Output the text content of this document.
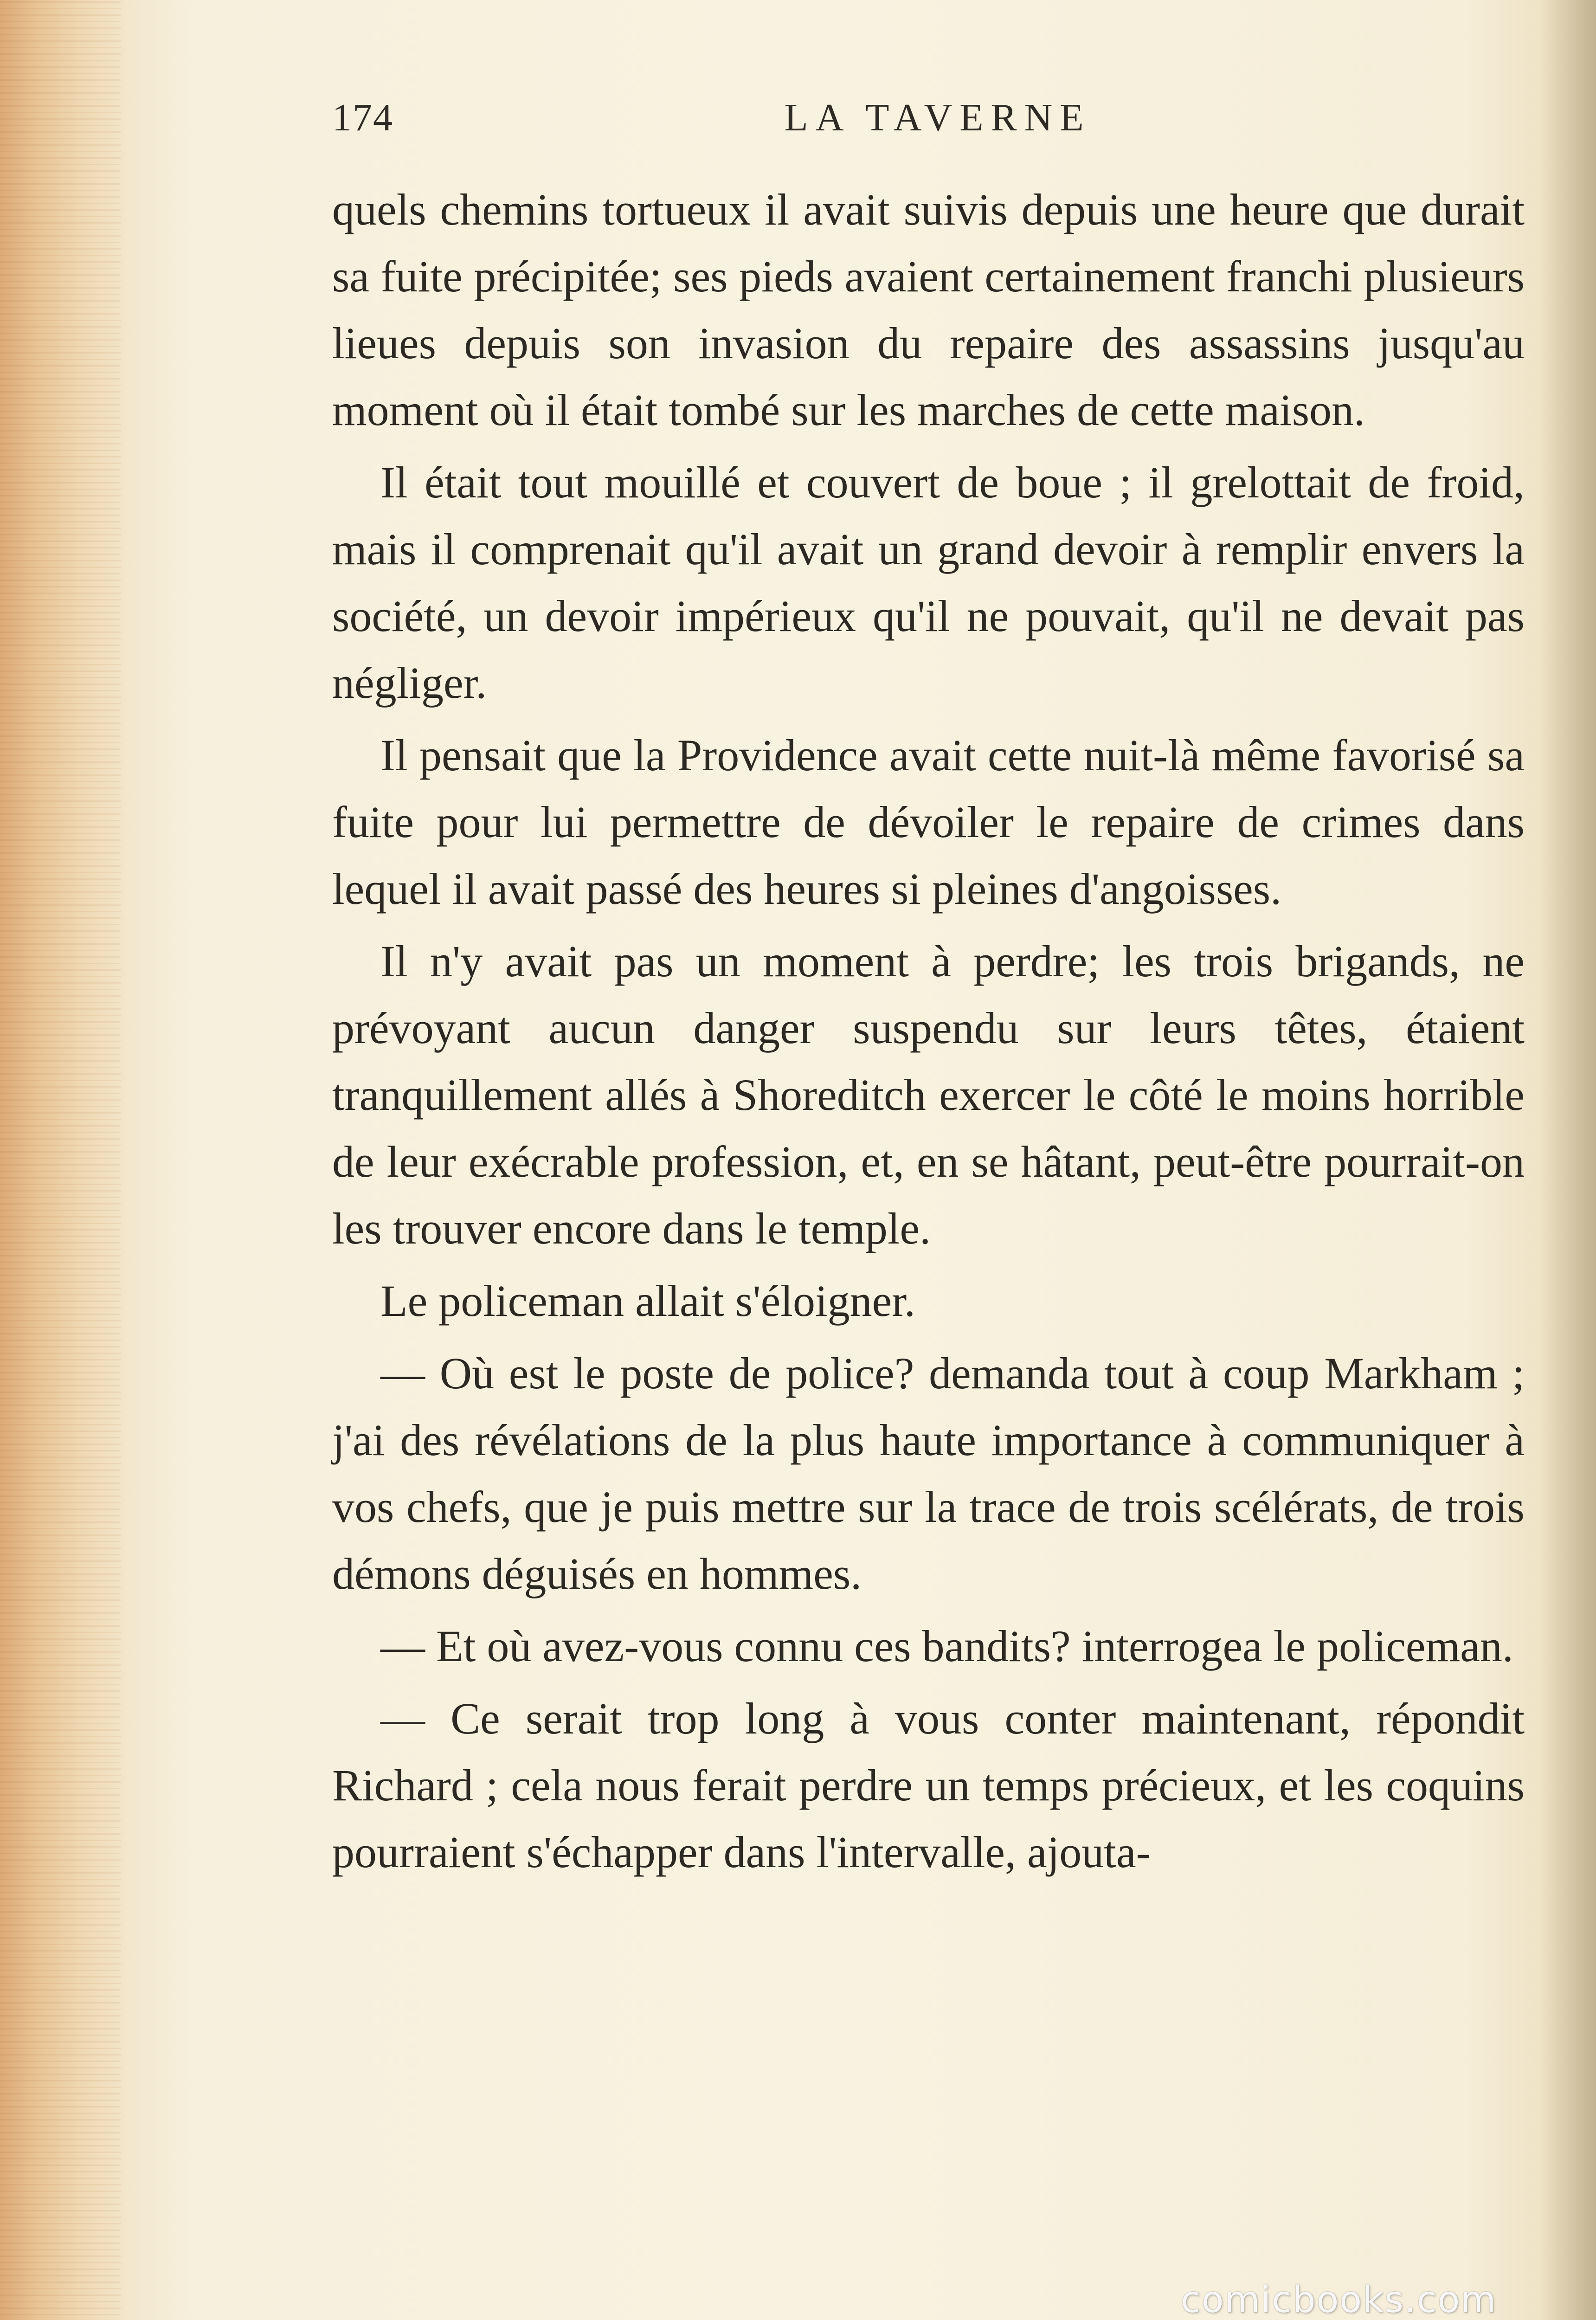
174	LA TAVERNE

quels chemins tortueux il avait suivis depuis une heure que durait sa fuite précipitée; ses pieds avaient certainement franchi plusieurs lieues depuis son invasion du repaire des assassins jusqu'au moment où il était tombé sur les marches de cette maison.

Il était tout mouillé et couvert de boue ; il grelottait de froid, mais il comprenait qu'il avait un grand devoir à remplir envers la société, un devoir impérieux qu'il ne pouvait, qu'il ne devait pas négliger.

Il pensait que la Providence avait cette nuit-là même favorisé sa fuite pour lui permettre de dévoiler le repaire de crimes dans lequel il avait passé des heures si pleines d'angoisses.

Il n'y avait pas un moment à perdre; les trois brigands, ne prévoyant aucun danger suspendu sur leurs têtes, étaient tranquillement allés à Shoreditch exercer le côté le moins horrible de leur exécrable profession, et, en se hâtant, peut-être pourrait-on les trouver encore dans le temple.

Le policeman allait s'éloigner.

— Où est le poste de police? demanda tout à coup Markham ; j'ai des révélations de la plus haute importance à communiquer à vos chefs, que je puis mettre sur la trace de trois scélérats, de trois démons déguisés en hommes.

— Et où avez-vous connu ces bandits? interrogea le policeman.

— Ce serait trop long à vous conter maintenant, répondit Richard ; cela nous ferait perdre un temps précieux, et les coquins pourraient s'échapper dans l'intervalle, ajouta-

comicbooks.com
